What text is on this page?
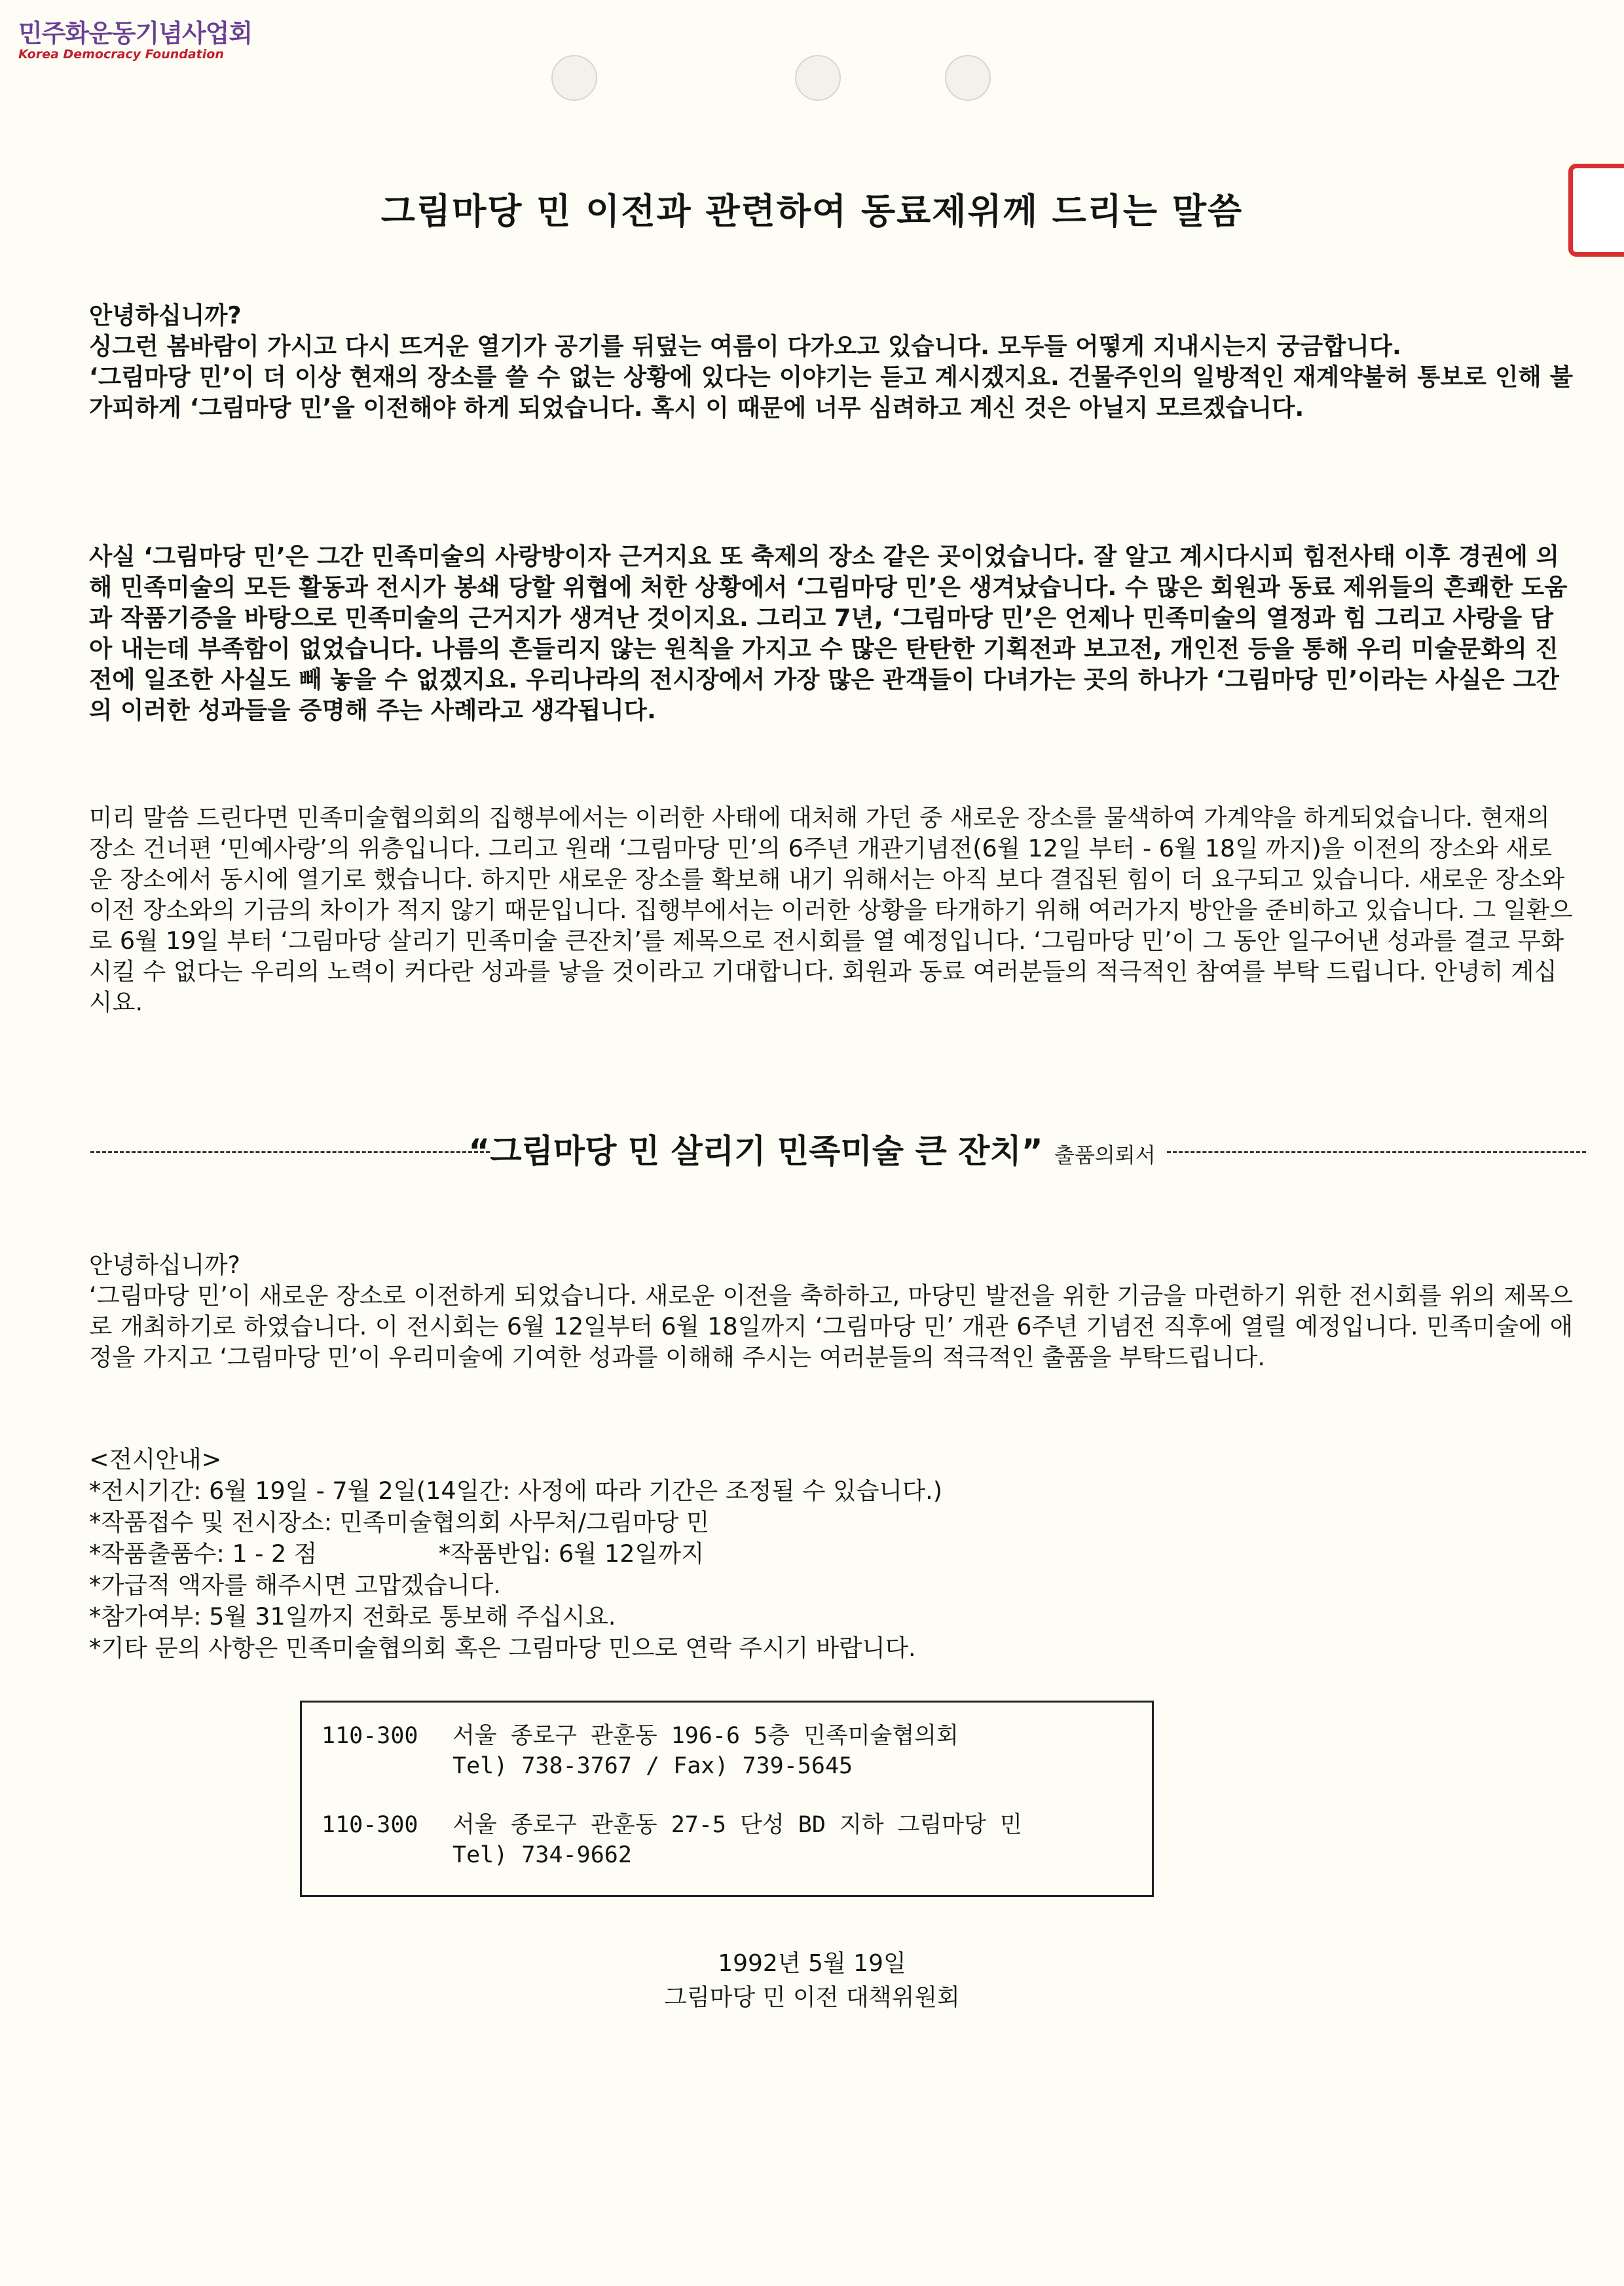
민주화운동기념사업회
Korea Democracy Foundation
그림마당 민 이전과 관련하여 동료제위께 드리는 말씀

안녕하십니까?

싱그런 봄바람이 가시고 다시 뜨거운 열기가 공기를 뒤덮는 여름이 다가오고 있습니다. 모두들 어떻게 지내시는지 궁금합니다.

‘그림마당 민’이 더 이상 현재의 장소를 쓸 수 없는 상황에 있다는 이야기는 듣고 계시겠지요. 건물주인의 일방적인 재계약불허 통보로 인해 불가피하게 ‘그림마당 민’을 이전해야 하게 되었습니다. 혹시 이 때문에 너무 심려하고 계신 것은 아닐지 모르겠습니다.

사실 ‘그림마당 민’은 그간 민족미술의 사랑방이자 근거지요 또 축제의 장소 같은 곳이었습니다. 잘 알고 계시다시피 힘전사태 이후 경권에 의해 민족미술의 모든 활동과 전시가 봉쇄 당할 위협에 처한 상황에서 ‘그림마당 민’은 생겨났습니다. 수 많은 회원과 동료 제위들의 흔쾌한 도움과 작품기증을 바탕으로 민족미술의 근거지가 생겨난 것이지요. 그리고 7년, ‘그림마당 민’은 언제나 민족미술의 열정과 힘 그리고 사랑을 담아 내는데 부족함이 없었습니다. 나름의 흔들리지 않는 원칙을 가지고 수 많은 탄탄한 기획전과 보고전, 개인전 등을 통해 우리 미술문화의 진전에 일조한 사실도 빼 놓을 수 없겠지요. 우리나라의 전시장에서 가장 많은 관객들이 다녀가는 곳의 하나가 ‘그림마당 민’이라는 사실은 그간의 이러한 성과들을 증명해 주는 사례라고 생각됩니다.
미리 말씀 드린다면 민족미술협의회의 집행부에서는 이러한 사태에 대처해 가던 중 새로운 장소를 물색하여 가계약을 하게되었습니다. 현재의 장소 건너편 ‘민예사랑’의 위층입니다. 그리고 원래 ‘그림마당 민’의 6주년 개관기념전(6월 12일 부터 - 6월 18일 까지)을 이전의 장소와 새로운 장소에서 동시에 열기로 했습니다. 하지만 새로운 장소를 확보해 내기 위해서는 아직 보다 결집된 힘이 더 요구되고 있습니다. 새로운 장소와 이전 장소와의 기금의 차이가 적지 않기 때문입니다. 집행부에서는 이러한 상황을 타개하기 위해 여러가지 방안을 준비하고 있습니다. 그 일환으로 6월 19일 부터 ‘그림마당 살리기 민족미술 큰잔치’를 제목으로 전시회를 열 예정입니다. ‘그림마당 민’이 그 동안 일구어낸 성과를 결코 무화시킬 수 없다는 우리의 노력이 커다란 성과를 낳을 것이라고 기대합니다. 회원과 동료 여러분들의 적극적인 참여를 부탁 드립니다. 안녕히 계십시요.
“그림마당 민 살리기 민족미술 큰 잔치” 출품의뢰서

안녕하십니까?

‘그림마당 민’이 새로운 장소로 이전하게 되었습니다. 새로운 이전을 축하하고, 마당민 발전을 위한 기금을 마련하기 위한 전시회를 위의 제목으로 개최하기로 하였습니다. 이 전시회는 6월 12일부터 6월 18일까지 ‘그림마당 민’ 개관 6주년 기념전 직후에 열릴 예정입니다. 민족미술에 애정을 가지고 ‘그림마당 민’이 우리미술에 기여한 성과를 이해해 주시는 여러분들의 적극적인 출품을 부탁드립니다.

<전시안내>
*전시기간: 6월 19일 - 7월 2일(14일간: 사정에 따라 기간은 조정될 수 있습니다.)
*작품접수 및 전시장소: 민족미술협의회 사무처/그림마당 민
*작품출품수: 1 - 2 점                *작품반입: 6월 12일까지
*가급적 액자를 해주시면 고맙겠습니다.
*참가여부: 5월 31일까지 전화로 통보해 주십시요.
*기타 문의 사항은 민족미술협의회 혹은 그림마당 민으로 연락 주시기 바랍니다.
110-300	서울 종로구 관훈동 196-6 5층 민족미술협의회
Tel) 738-3767 / Fax) 739-5645
110-300	서울 종로구 관훈동 27-5 단성 BD 지하 그림마당 민
Tel) 734-9662
1992년 5월 19일
그림마당 민 이전 대책위원회
